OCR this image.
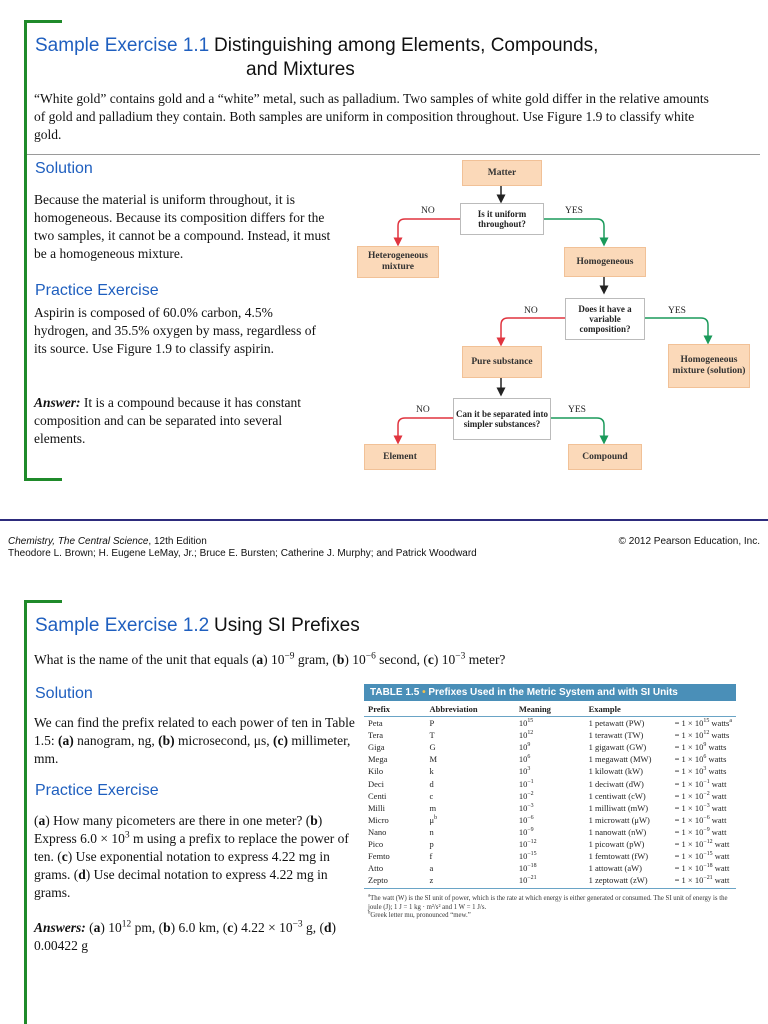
Sample Exercise 1.1 Distinguishing among Elements, Compounds,
and Mixtures
“White gold” contains gold and a “white” metal, such as palladium. Two samples of white gold differ in the relative amounts of gold and palladium they contain. Both samples are uniform in composition throughout. Use Figure 1.9 to classify white gold.
Solution
Because the material is uniform throughout, it is homogeneous. Because its composition differs for the two samples, it cannot be a compound. Instead, it must be a homogeneous mixture.
Practice Exercise
Aspirin is composed of 60.0% carbon, 4.5% hydrogen, and 35.5% oxygen by mass, regardless of its source. Use Figure 1.9 to classify aspirin.
Answer: It is a compound because it has constant composition and can be separated into several elements.
Matter
Is it uniform throughout?
NO	YES
Heterogeneous mixture
Homogeneous
Does it have a variable composition?
NO	YES
Pure substance	Homogeneous mixture (solution)
Can it be separated into simpler substances?
NO	YES
Element	Compound
Chemistry, The Central Science, 12th Edition
Theodore L. Brown; H. Eugene LeMay, Jr.; Bruce E. Bursten; Catherine J. Murphy; and Patrick Woodward
© 2012 Pearson Education, Inc.
Sample Exercise 1.2 Using SI Prefixes
What is the name of the unit that equals (a) $10^{-9}$ gram, (b) $10^{-6}$ second, (c) $10^{-3}$ meter?
Solution
We can find the prefix related to each power of ten in Table 1.5: (a) nanogram, ng, (b) microsecond, μs, (c) millimeter, mm.
Practice Exercise
(a) How many picometers are there in one meter? (b) Express $6.0 \times 10^3$ m using a prefix to replace the power of ten. (c) Use exponential notation to express 4.22 mg in grams. (d) Use decimal notation to express 4.22 mg in grams.
Answers: (a) $10^{12}$ pm, (b) 6.0 km, (c) $4.22 \times 10^{-3}$ g, (d) 0.00422 g
TABLE 1.5 • Prefixes Used in the Metric System and with SI Units
Prefix	Abbreviation	Meaning	Example
Peta	P	$10^{15}$	1 petawatt $(PW) = 1 \times 10^{15}$ watts$^a$
Tera	T	$10^{12}$	1 terawatt $(TW) = 1 \times 10^{12}$ watts
Giga	G	$10^9$	1 gigawatt $(GW) = 1 \times 10^9$ watts
Mega	M	$10^6$	1 megawatt $(MW) = 1 \times 10^6$ watts
Kilo	k	$10^3$	1 kilowatt $(kW) = 1 \times 10^3$ watts
Deci	d	$10^{-1}$	1 deciwatt $(dW) = 1 \times 10^{-1}$ watt
Centi	c	$10^{-2}$	1 centiwatt $(cW) = 1 \times 10^{-2}$ watt
Milli	m	$10^{-3}$	1 milliwatt $(mW) = 1 \times 10^{-3}$ watt
Micro	$\mu^b$	$10^{-6}$	1 microwatt $(\mu W) = 1 \times 10^{-6}$ watt
Nano	n	$10^{-9}$	1 nanowatt $(nW) = 1 \times 10^{-9}$ watt
Pico	p	$10^{-12}$	1 picowatt $(pW) = 1 \times 10^{-12}$ watt
Femto	f	$10^{-15}$	1 femtowatt $(fW) = 1 \times 10^{-15}$ watt
Atto	a	$10^{-18}$	1 attowatt $(aW) = 1 \times 10^{-18}$ watt
Zepto	z	$10^{-21}$	1 zeptowatt $(zW) = 1 \times 10^{-21}$ watt
$^a$The watt (W) is the SI unit of power, which is the rate at which energy is either generated or consumed. The SI unit of energy is the joule (J); 1 J = 1 kg · m²/s² and 1 W = 1 J/s.
$^b$Greek letter mu, pronounced “mew.”
